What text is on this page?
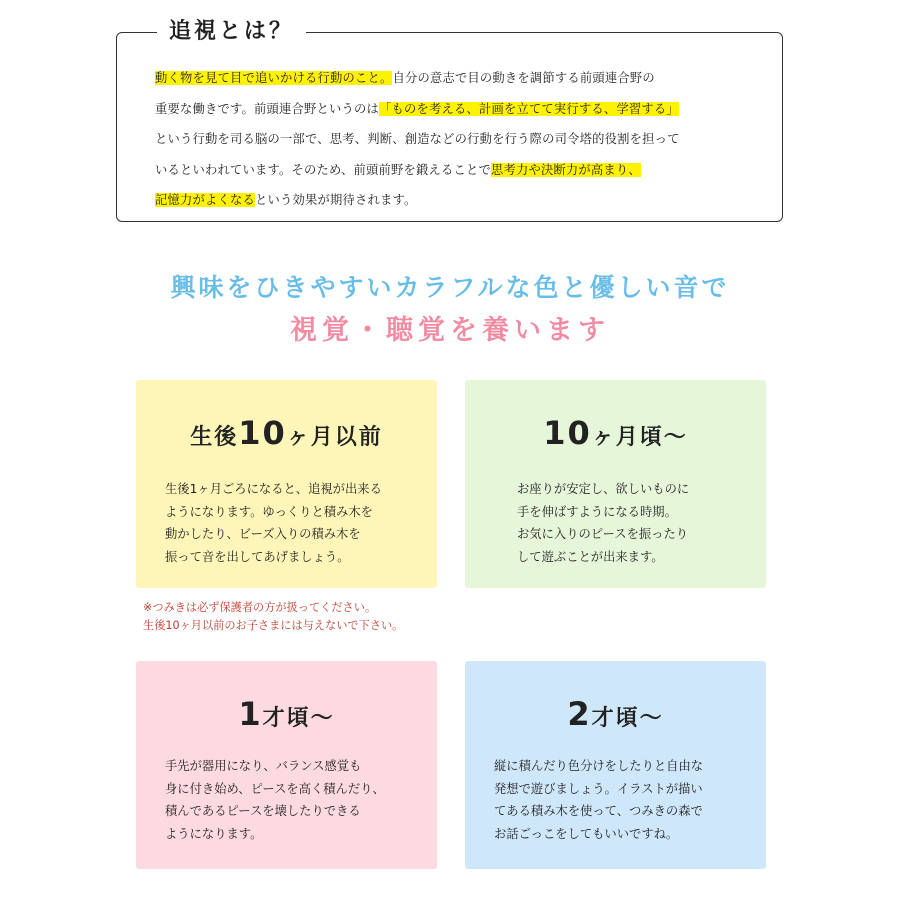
追視とは？
動く物を見て目で追いかける行動のこと。自分の意志で目の動きを調節する前頭連合野の
重要な働きです。前頭連合野というのは「ものを考える、計画を立てて実行する、学習する」
という行動を司る脳の一部で、思考、判断、創造などの行動を行う際の司令塔的役割を担って
いるといわれています。そのため、前頭前野を鍛えることで思考力や決断力が高まり、
記憶力がよくなるという効果が期待されます。
興味をひきやすいカラフルな色と優しい音で
視覚・聴覚を養います
生後10ヶ月以前
生後1ヶ月ごろになると、追視が出来る
ようになります。ゆっくりと積み木を
動かしたり、ビーズ入りの積み木を
振って音を出してあげましょう。
10ヶ月頃～
お座りが安定し、欲しいものに
手を伸ばすようになる時期。
お気に入りのピースを振ったり
して遊ぶことが出来ます。
※つみきは必ず保護者の方が扱ってください。
生後10ヶ月以前のお子さまには与えないで下さい。
1才頃～
手先が器用になり、バランス感覚も
身に付き始め、ピースを高く積んだり、
積んであるピースを壊したりできる
ようになります。
2才頃～
縦に積んだり色分けをしたりと自由な
発想で遊びましょう。イラストが描い
てある積み木を使って、つみきの森で
お話ごっこをしてもいいですね。
